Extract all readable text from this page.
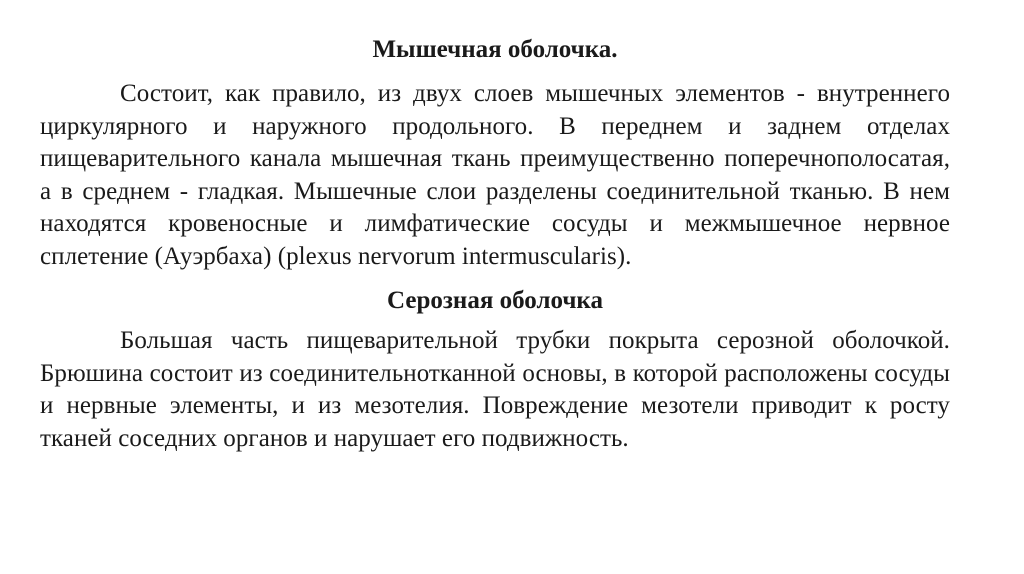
Мышечная оболочка.

Состоит, как правило, из двух слоев мышечных элементов - внутреннего циркулярного и наружного продольного. В переднем и заднем отделах пищеварительного канала мышечная ткань преимущественно поперечнополосатая, а в среднем - гладкая. Мышечные слои разделены соединительной тканью. В нем находятся кровеносные и лимфатические сосуды и межмышечное нервное сплетение (Ауэрбаха) (plexus nervorum intermuscularis).

Серозная оболочка

Большая часть пищеварительной трубки покрыта серозной оболочкой. Брюшина состоит из соединительнотканной основы, в которой расположены сосуды и нервные элементы, и из мезотелия. Повреждение мезотели приводит к росту тканей соседних органов и нарушает его подвижность.
